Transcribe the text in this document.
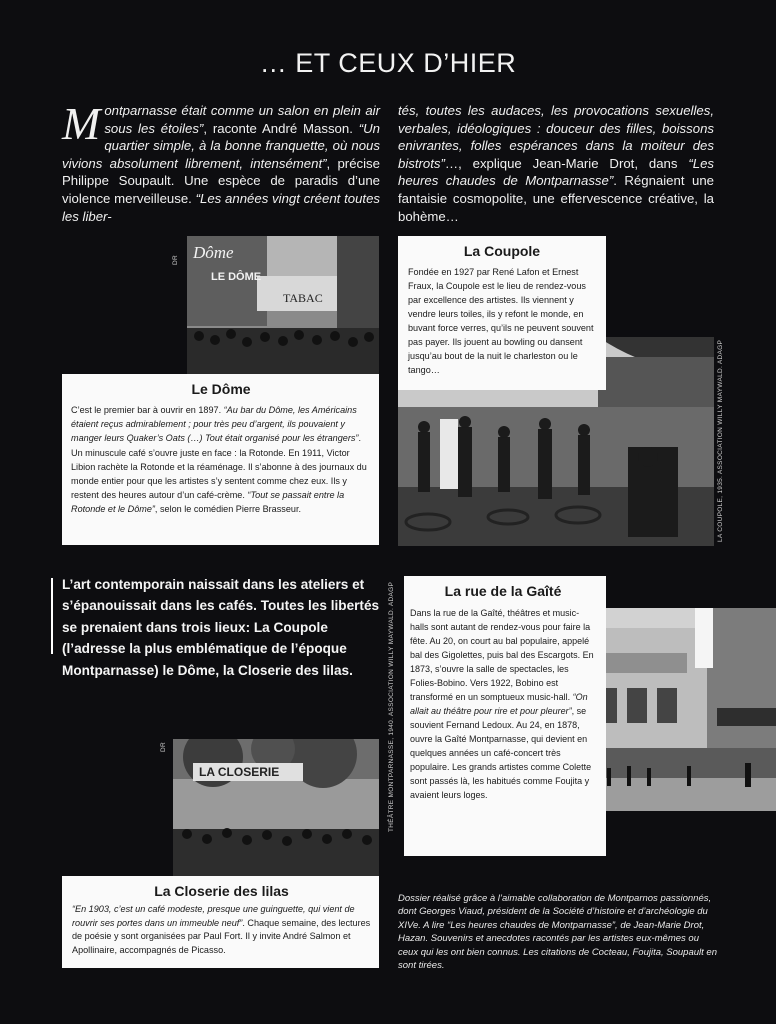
… ET CEUX D’HIER
M ontparnasse était comme un salon en plein air sous les étoiles”, raconte André Masson. “Un quartier simple, à la bonne franquette, où nous vivions absolument librement, intensément”, précise Philippe Soupault. Une espèce de paradis d’une violence merveilleuse. “Les années vingt créent toutes les liber-
tés, toutes les audaces, les provocations sexuelles, verbales, idéologiques : douceur des filles, boissons enivrantes, folles espérances dans la moiteur des bistrots”…, explique Jean-Marie Drot, dans “Les heures chaudes de Montparnasse”. Régnaient une fantaisie cosmopolite, une effervescence créative, la bohème…
DR Dôme
LE DÔME
TABAC
Le Dôme

C’est le premier bar à ouvrir en 1897. “Au bar du Dôme, les Américains étaient reçus admirablement ; pour très peu d’argent, ils pouvaient y manger leurs Quaker’s Oats (…) Tout était organisé pour les étrangers”. Un minuscule café s’ouvre juste en face : la Rotonde. En 1911, Victor Libion rachète la Rotonde et la réaménage. Il s’abonne à des journaux du monde entier pour que les artistes s’y sentent comme chez eux. Ils y restent des heures autour d’un café-crème. “Tout se passait entre la Rotonde et le Dôme”, selon le comédien Pierre Brasseur.

La Coupole

Fondée en 1927 par René Lafon et Ernest Fraux, la Coupole est le lieu de rendez-vous par excellence des artistes. Ils viennent y vendre leurs toiles, ils y refont le monde, en buvant force verres, qu’ils ne peuvent souvent pas payer. Ils jouent au bowling ou dansent jusqu’au bout de la nuit le charleston ou le tango…	LA COUPOLE, 1935. ASSOCIATION WILLY MAYWALD. ADAGP
L’art contemporain naissait dans les ateliers et s’épanouissait dans les cafés. Toutes les libertés se prenaient dans trois lieux: La Coupole (l’adresse la plus emblématique de l’époque Montparnasse) le Dôme, la Closerie des lilas.	THÉÂTRE MONTPARNASSE, 1940. ASSOCIATION WILLY MAYWALD. ADAGP	La rue de la Gaîté

Dans la rue de la Gaîté, théâtres et music-halls sont autant de rendez-vous pour faire la fête. Au 20, on court au bal populaire, appelé bal des Gigolettes, puis bal des Escargots. En 1873, s’ouvre la salle de spectacles, les Folies-Bobino. Vers 1922, Bobino est transformé en un somptueux music-hall. “On allait au théâtre pour rire et pour pleurer”, se souvient Fernand Ledoux. Au 24, en 1878, ouvre la Gaîté Montparnasse, qui devient en quelques années un café-concert très populaire. Les grands artistes comme Colette sont passés là, les habitués comme Foujita y avaient leurs loges.

DR
LA CLOSERIE
La Closerie des lilas

“En 1903, c’est un café modeste, presque une guinguette, qui vient de rouvrir ses portes dans un immeuble neuf”. Chaque semaine, des lectures de poésie y sont organisées par Paul Fort. Il y invite André Salmon et Apollinaire, accompagnés de Picasso.

Dossier réalisé grâce à l’aimable collaboration de Montparnos passionnés, dont Georges Viaud, président de la Société d’histoire et d’archéologie du XIVe. A lire “Les heures chaudes de Montparnasse”, de Jean-Marie Drot, Hazan. Souvenirs et anecdotes racontés par les artistes eux-mêmes ou ceux qui les ont bien connus. Les citations de Cocteau, Foujita, Soupault en sont tirées.
